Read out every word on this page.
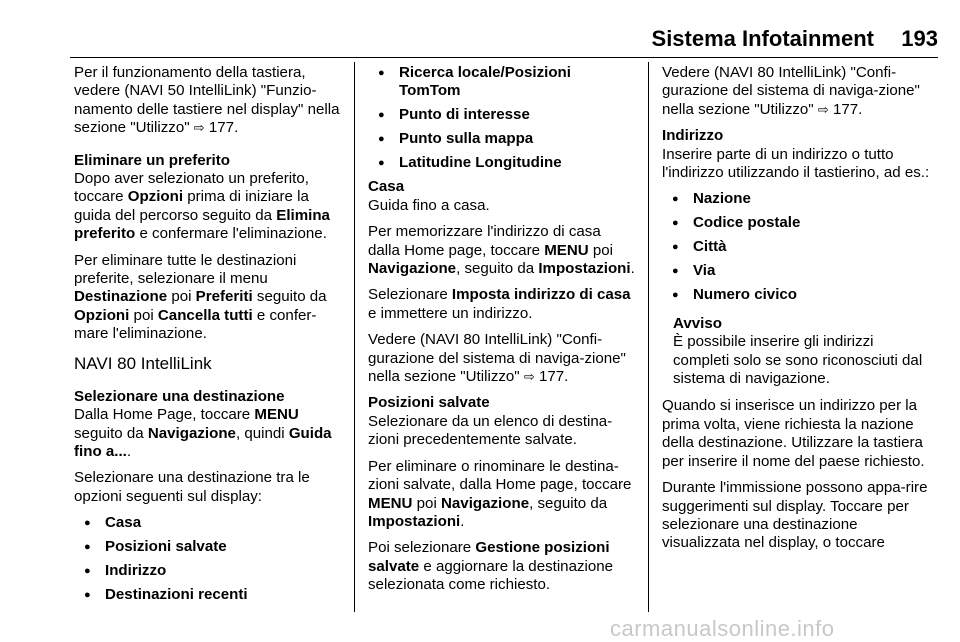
Sistema Infotainment 193

Per il funzionamento della tastiera, vedere (NAVI 50 IntelliLink) "Funzio-namento delle tastiere nel display" nella sezione "Utilizzo" ⇨ 177.

Eliminare un preferito

Dopo aver selezionato un preferito, toccare Opzioni prima di iniziare la guida del percorso seguito da Elimina preferito e confermare l'eliminazione.

Per eliminare tutte le destinazioni preferite, selezionare il menu Destinazione poi Preferiti seguito da Opzioni poi Cancella tutti e confer-mare l'eliminazione.

NAVI 80 IntelliLink

Selezionare una destinazione

Dalla Home Page, toccare MENU seguito da Navigazione, quindi Guida fino a....

Selezionare una destinazione tra le opzioni seguenti sul display:

● Casa
● Posizioni salvate
● Indirizzo
● Destinazioni recenti
● Ricerca locale/Posizioni TomTom
● Punto di interesse
● Punto sulla mappa
● Latitudine Longitudine

Casa

Guida fino a casa.

Per memorizzare l'indirizzo di casa dalla Home page, toccare MENU poi Navigazione, seguito da Impostazioni.

Selezionare Imposta indirizzo di casa e immettere un indirizzo.

Vedere (NAVI 80 IntelliLink) "Confi-gurazione del sistema di naviga-zione" nella sezione "Utilizzo" ⇨ 177.

Posizioni salvate

Selezionare da un elenco di destina-zioni precedentemente salvate.

Per eliminare o rinominare le destina-zioni salvate, dalla Home page, toccare MENU poi Navigazione, seguito da Impostazioni.

Poi selezionare Gestione posizioni salvate e aggiornare la destinazione selezionata come richiesto.

Vedere (NAVI 80 IntelliLink) "Confi-gurazione del sistema di naviga-zione" nella sezione "Utilizzo" ⇨ 177.

Indirizzo

Inserire parte di un indirizzo o tutto l'indirizzo utilizzando il tastierino, ad es.:

● Nazione
● Codice postale
● Città
● Via
● Numero civico
Avviso
È possibile inserire gli indirizzi completi solo se sono riconosciuti dal sistema di navigazione.

Quando si inserisce un indirizzo per la prima volta, viene richiesta la nazione della destinazione. Utilizzare la tastiera per inserire il nome del paese richiesto.

Durante l'immissione possono appa-rire suggerimenti sul display. Toccare per selezionare una destinazione visualizzata nel display, o toccare

carmanualsonline.info
